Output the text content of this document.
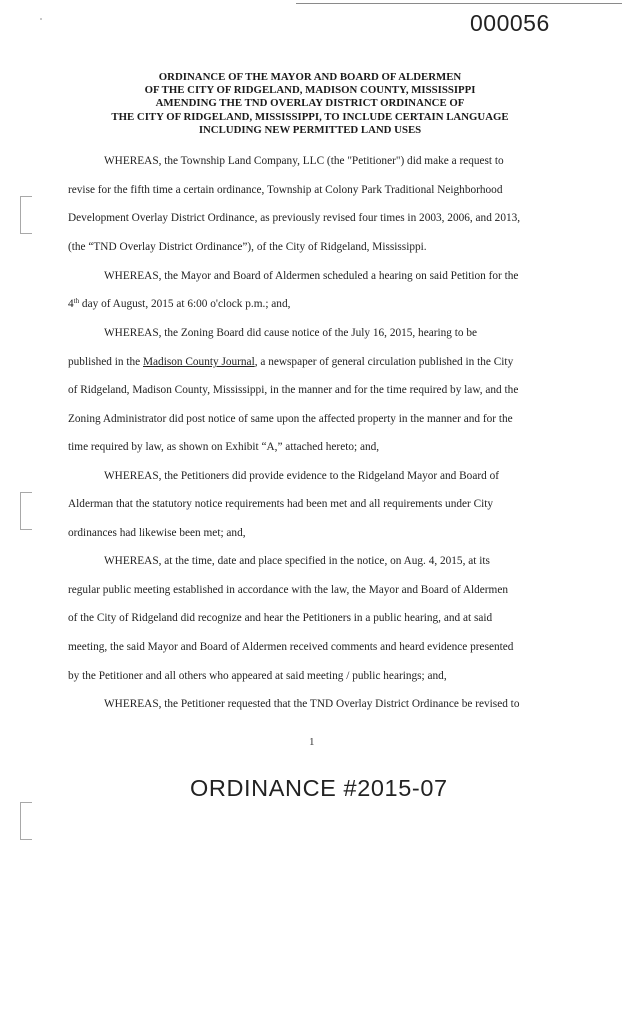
000056
ORDINANCE OF THE MAYOR AND BOARD OF ALDERMEN
OF THE CITY OF RIDGELAND, MADISON COUNTY, MISSISSIPPI
AMENDING THE TND OVERLAY DISTRICT ORDINANCE OF
THE CITY OF RIDGELAND, MISSISSIPPI, TO INCLUDE CERTAIN LANGUAGE
INCLUDING NEW PERMITTED LAND USES
WHEREAS, the Township Land Company, LLC (the "Petitioner") did make a request to
revise for the fifth time a certain ordinance, Township at Colony Park Traditional Neighborhood
Development Overlay District Ordinance, as previously revised four times in 2003, 2006, and 2013,
(the “TND Overlay District Ordinance”), of the City of Ridgeland, Mississippi.
WHEREAS, the Mayor and Board of Aldermen scheduled a hearing on said Petition for the
4th day of August, 2015 at 6:00 o'clock p.m.; and,
WHEREAS, the Zoning Board did cause notice of the July 16, 2015, hearing to be
published in the Madison County Journal, a newspaper of general circulation published in the City
of Ridgeland, Madison County, Mississippi, in the manner and for the time required by law, and the
Zoning Administrator did post notice of same upon the affected property in the manner and for the
time required by law, as shown on Exhibit “A,” attached hereto; and,
WHEREAS, the Petitioners did provide evidence to the Ridgeland Mayor and Board of
Alderman that the statutory notice requirements had been met and all requirements under City
ordinances had likewise been met; and,
WHEREAS, at the time, date and place specified in the notice, on Aug. 4, 2015, at its
regular public meeting established in accordance with the law, the Mayor and Board of Aldermen
of the City of Ridgeland did recognize and hear the Petitioners in a public hearing, and at said
meeting, the said Mayor and Board of Aldermen received comments and heard evidence presented
by the Petitioner and all others who appeared at said meeting / public hearings; and,
WHEREAS, the Petitioner requested that the TND Overlay District Ordinance be revised to
1
ORDINANCE #2015-07
